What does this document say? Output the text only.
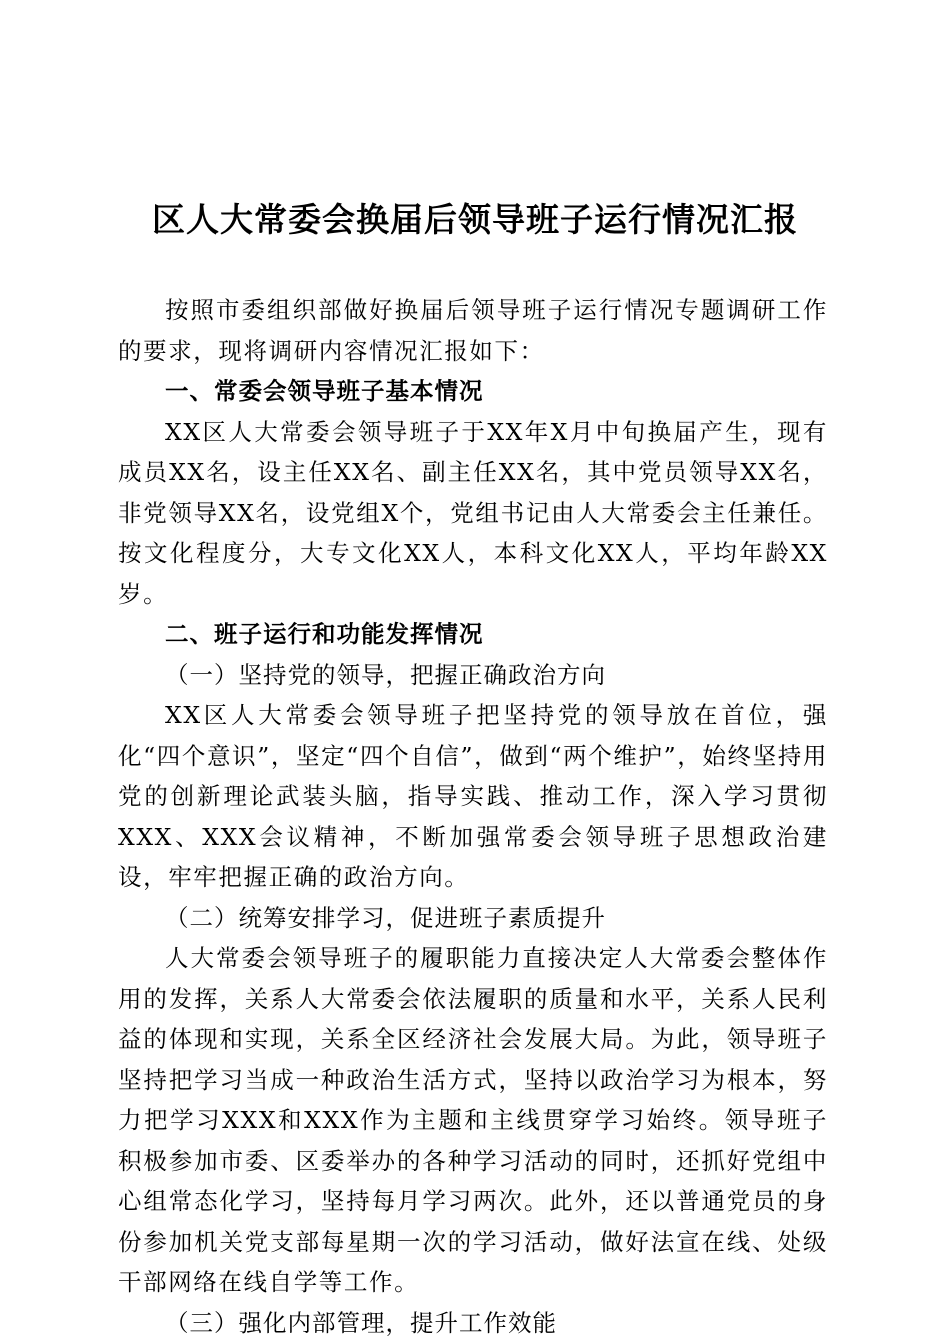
区人大常委会换届后领导班子运行情况汇报

按照市委组织部做好换届后领导班子运行情况专题调研工作的要求，现将调研内容情况汇报如下：

一、常委会领导班子基本情况

XX区人大常委会领导班子于XX年X月中旬换届产生，现有成员XX名，设主任XX名、副主任XX名，其中党员领导XX名，非党领导XX名，设党组X个，党组书记由人大常委会主任兼任。按文化程度分，大专文化XX人，本科文化XX人，平均年龄XX岁。

二、班子运行和功能发挥情况

（一）坚持党的领导，把握正确政治方向

XX区人大常委会领导班子把坚持党的领导放在首位，强化“四个意识”，坚定“四个自信”，做到“两个维护”，始终坚持用党的创新理论武装头脑，指导实践、推动工作，深入学习贯彻XXX、XXX会议精神，不断加强常委会领导班子思想政治建设，牢牢把握正确的政治方向。

（二）统筹安排学习，促进班子素质提升

人大常委会领导班子的履职能力直接决定人大常委会整体作用的发挥，关系人大常委会依法履职的质量和水平，关系人民利益的体现和实现，关系全区经济社会发展大局。为此，领导班子坚持把学习当成一种政治生活方式，坚持以政治学习为根本，努力把学习XXX和XXX作为主题和主线贯穿学习始终。领导班子积极参加市委、区委举办的各种学习活动的同时，还抓好党组中心组常态化学习，坚持每月学习两次。此外，还以普通党员的身份参加机关党支部每星期一次的学习活动，做好法宣在线、处级干部网络在线自学等工作。

（三）强化内部管理，提升工作效能
